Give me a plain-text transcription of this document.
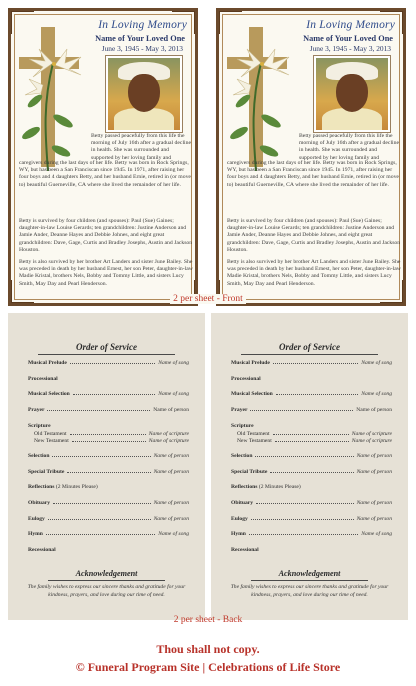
In Loving Memory
Name of Your Loved One
June 3, 1945 - May 3, 2013

Betty passed peacefully from this life the morning of July 16th after a gradual decline in health. She was surrounded and supported by her loving family and

caregivers during the last days of her life. Betty was born in Rock Springs, WY, but has been a San Franciscan since 1945. In 1971, after raising her four boys and 4 daughters Betty, and her husband Ernie, retired in (or move to) beautiful Guerneville, CA where she lived the remainder of her life.

Betty is survived by four children (and spouses): Paul (Sue) Gaines; daughter-in-law Louise Gerards; ten grandchildren: Justine Anderson and Jamie Ander, Deanne Hayes and Debbie Johnes, and eight great grandchildren: Dave, Gage, Curtis and Bradley Josephs, Austin and Jackson Houston.

Betty is also survived by her brother Art Landers and sister June Bailey. She was preceded in death by her husband Ernest, her son Peter, daughter-in-law Madie Kristal, brothers Nels, Bobby and Tommy Little, and sisters Lucy Smith, May Day and Pearl Henderson.

In Loving Memory
Name of Your Loved One
June 3, 1945 - May 3, 2013

Betty passed peacefully from this life the morning of July 16th after a gradual decline in health. She was surrounded and supported by her loving family and

caregivers during the last days of her life. Betty was born in Rock Springs, WY, but has been a San Franciscan since 1945. In 1971, after raising her four boys and 4 daughters Betty, and her husband Ernie, retired in (or move to) beautiful Guerneville, CA where she lived the remainder of her life.

Betty is survived by four children (and spouses): Paul (Sue) Gaines; daughter-in-law Louise Gerards; ten grandchildren: Justine Anderson and Jamie Ander, Deanne Hayes and Debbie Johnes, and eight great grandchildren: Dave, Gage, Curtis and Bradley Josephs, Austin and Jackson Houston.

Betty is also survived by her brother Art Landers and sister June Bailey. She was preceded in death by her husband Ernest, her son Peter, daughter-in-law Madie Kristal, brothers Nels, Bobby and Tommy Little, and sisters Lucy Smith, May Day and Pearl Henderson.

2 per sheet - Front
Order of Service
Musical Prelude	Name of song
Processional
Musical Selection	Name of song
Prayer	Name of person
Scripture
Old Testament	Name of scripture
New Testament	Name of scripture
Selection	Name of person
Special Tribute	Name of person
Reflections
(2 Minutes Please)
Obituary	Name of person
Eulogy	Name of person
Hymn	Name of song
Recessional
Acknowledgement
The family wishes to express our sincere thanks and gratitude for your kindness, prayers, and love during our time of need.
Order of Service
Musical Prelude	Name of song
Processional
Musical Selection	Name of song
Prayer	Name of person
Scripture
Old Testament	Name of scripture
New Testament	Name of scripture
Selection	Name of person
Special Tribute	Name of person
Reflections
(2 Minutes Please)
Obituary	Name of person
Eulogy	Name of person
Hymn	Name of song
Recessional
Acknowledgement
The family wishes to express our sincere thanks and gratitude for your kindness, prayers, and love during our time of need.
2 per sheet - Back
Thou shall not copy.
© Funeral Program Site | Celebrations of Life Store
